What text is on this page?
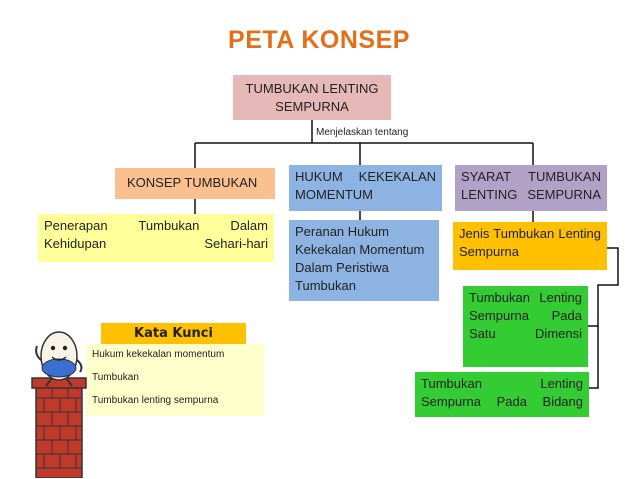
PETA KONSEP
TUMBUKAN LENTING SEMPURNA
Menjelaskan tentang
KONSEP TUMBUKAN	HUKUM KEKEKALAN MOMENTUM
SYARAT TUMBUKAN LENTING SEMPURNA
Penerapan Tumbukan Dalam Kehidupan Sehari-hari
Peranan Hukum Kekekalan Momentum Dalam Peristiwa Tumbukan
Jenis Tumbukan Lenting Sempurna
Tumbukan Lenting Sempurna Pada Satu Dimensi
Tumbukan Lenting Sempurna Pada Bidang
Kata Kunci
Hukum kekekalan momentum
Tumbukan
Tumbukan lenting sempurna
